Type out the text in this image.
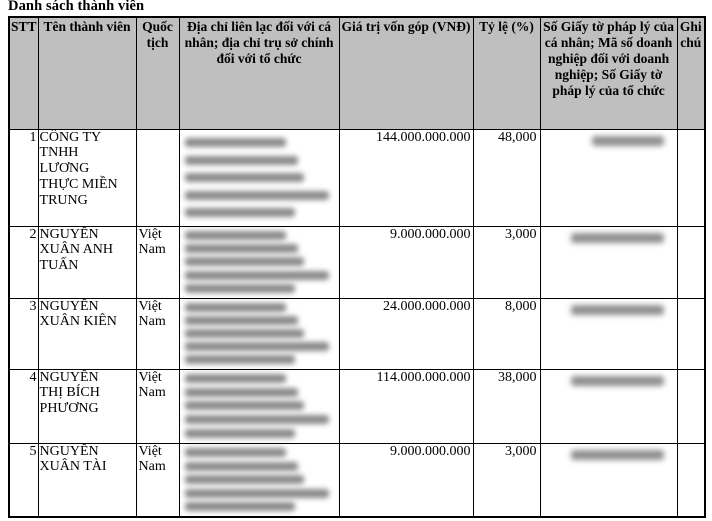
Danh sách thành viên
STT	Tên thành viên	Quốc tịch	Địa chỉ liên lạc đối với cá nhân; địa chỉ trụ sở chính đối với tổ chức	Giá trị vốn góp (VNĐ)	Tỷ lệ (%)	Số Giấy tờ pháp lý của cá nhân; Mã số doanh nghiệp đối với doanh nghiệp; Số Giấy tờ pháp lý của tổ chức	Ghi chú
1	CÔNG TY TNHH LƯƠNG THỰC MIỀN TRUNG			144.000.000.000	48,000	

2	NGUYỄN XUÂN ANH TUẤN	Việt Nam		9.000.000.000	3,000	

3	NGUYỄN XUÂN KIÊN	Việt Nam		24.000.000.000	8,000	

4	NGUYỄN THỊ BÍCH PHƯƠNG	Việt Nam		114.000.000.000	38,000	

5	NGUYỄN XUÂN TÀI	Việt Nam		9.000.000.000	3,000	
